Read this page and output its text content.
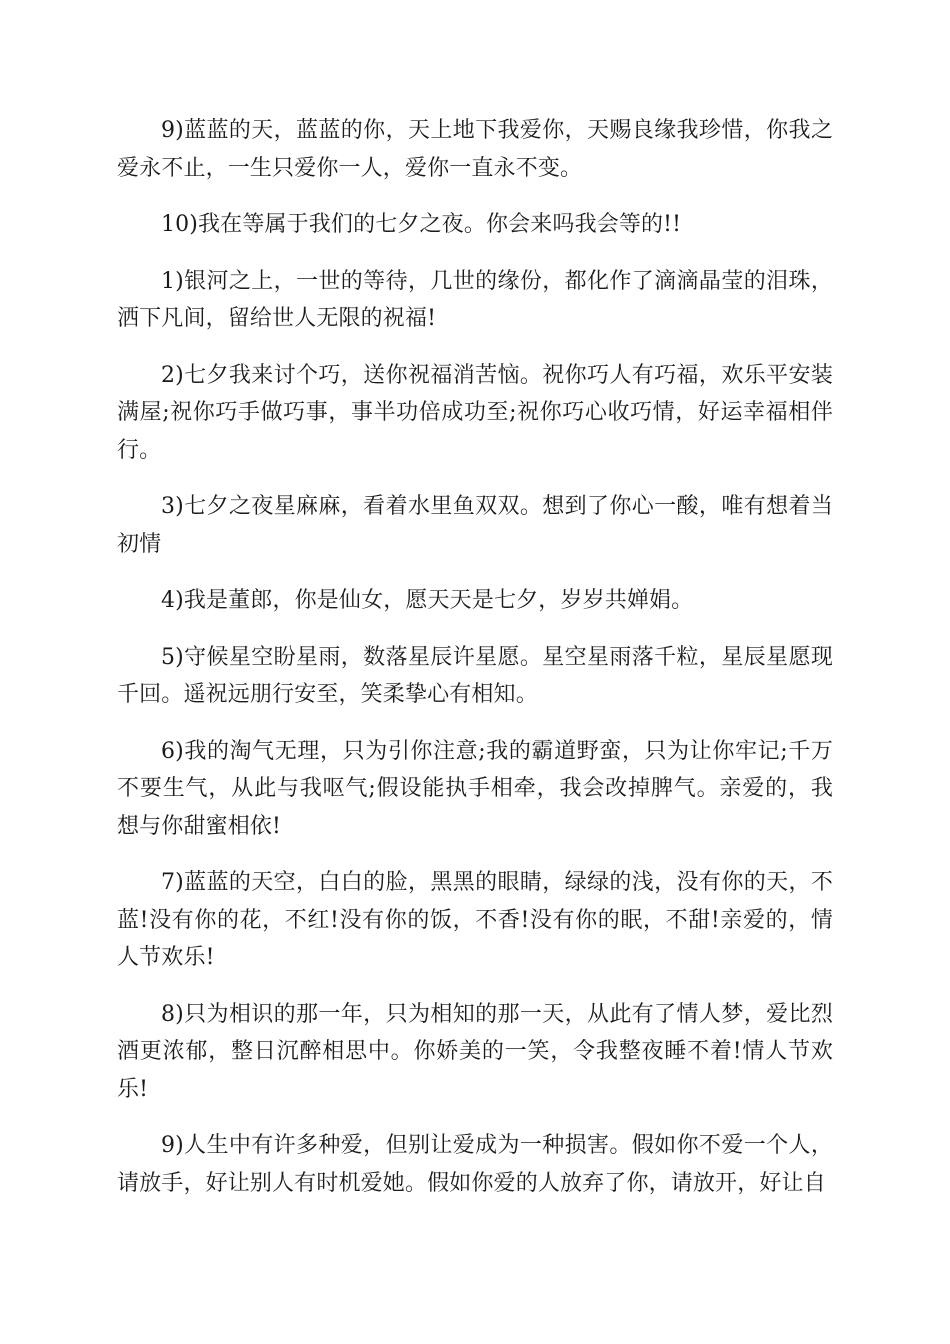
9)蓝蓝的天，蓝蓝的你，天上地下我爱你，天赐良缘我珍惜，你我之爱永不止，一生只爱你一人，爱你一直永不变。

10)我在等属于我们的七夕之夜。你会来吗我会等的!!

1)银河之上，一世的等待，几世的缘份，都化作了滴滴晶莹的泪珠，洒下凡间，留给世人无限的祝福!

2)七夕我来讨个巧，送你祝福消苦恼。祝你巧人有巧福，欢乐平安装满屋;祝你巧手做巧事，事半功倍成功至;祝你巧心收巧情，好运幸福相伴行。

3)七夕之夜星麻麻，看着水里鱼双双。想到了你心一酸，唯有想着当初情

4)我是董郎，你是仙女，愿天天是七夕，岁岁共婵娟。

5)守候星空盼星雨，数落星辰许星愿。星空星雨落千粒，星辰星愿现千回。遥祝远朋行安至，笑柔挚心有相知。

6)我的淘气无理，只为引你注意;我的霸道野蛮，只为让你牢记;千万不要生气，从此与我呕气;假设能执手相牵，我会改掉脾气。亲爱的，我想与你甜蜜相依!

7)蓝蓝的天空，白白的脸，黑黑的眼睛，绿绿的浅，没有你的天，不蓝!没有你的花，不红!没有你的饭，不香!没有你的眠，不甜!亲爱的，情人节欢乐!

8)只为相识的那一年，只为相知的那一天，从此有了情人梦，爱比烈酒更浓郁，整日沉醉相思中。你娇美的一笑，令我整夜睡不着!情人节欢乐!

9)人生中有许多种爱，但别让爱成为一种损害。假如你不爱一个人，请放手，好让别人有时机爱她。假如你爱的人放弃了你，请放开，好让自
